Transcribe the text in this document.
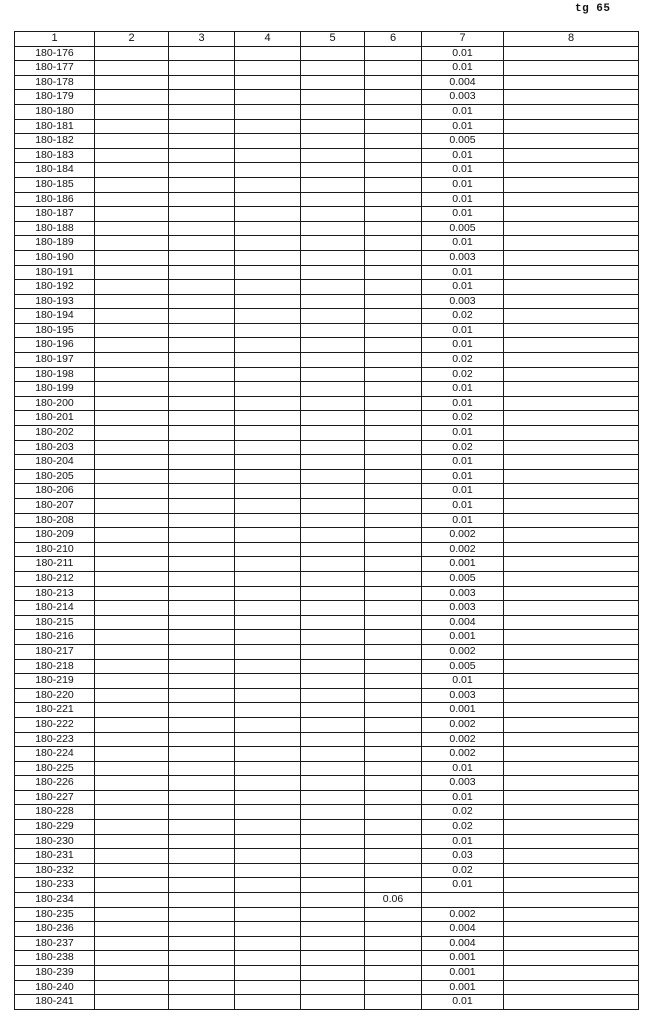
tg 65
1	2	3	4	5	6	7	8
180-176						0.01	
180-177						0.01	
180-178						0.004	
180-179						0.003	
180-180						0.01	
180-181						0.01	
180-182						0.005	
180-183						0.01	
180-184						0.01	
180-185						0.01	
180-186						0.01	
180-187						0.01	
180-188						0.005	
180-189						0.01	
180-190						0.003	
180-191						0.01	
180-192						0.01	
180-193						0.003	
180-194						0.02	
180-195						0.01	
180-196						0.01	
180-197						0.02	
180-198						0.02	
180-199						0.01	
180-200						0.01	
180-201						0.02	
180-202						0.01	
180-203						0.02	
180-204						0.01	
180-205						0.01	
180-206						0.01	
180-207						0.01	
180-208						0.01	
180-209						0.002	
180-210						0.002	
180-211						0.001	
180-212						0.005	
180-213						0.003	
180-214						0.003	
180-215						0.004	
180-216						0.001	
180-217						0.002	
180-218						0.005	
180-219						0.01	
180-220						0.003	
180-221						0.001	
180-222						0.002	
180-223						0.002	
180-224						0.002	
180-225						0.01	
180-226						0.003	
180-227						0.01	
180-228						0.02	
180-229						0.02	
180-230						0.01	
180-231						0.03	
180-232						0.02	
180-233						0.01	
180-234					0.06		
180-235						0.002	
180-236						0.004	
180-237						0.004	
180-238						0.001	
180-239						0.001	
180-240						0.001	
180-241						0.01	
